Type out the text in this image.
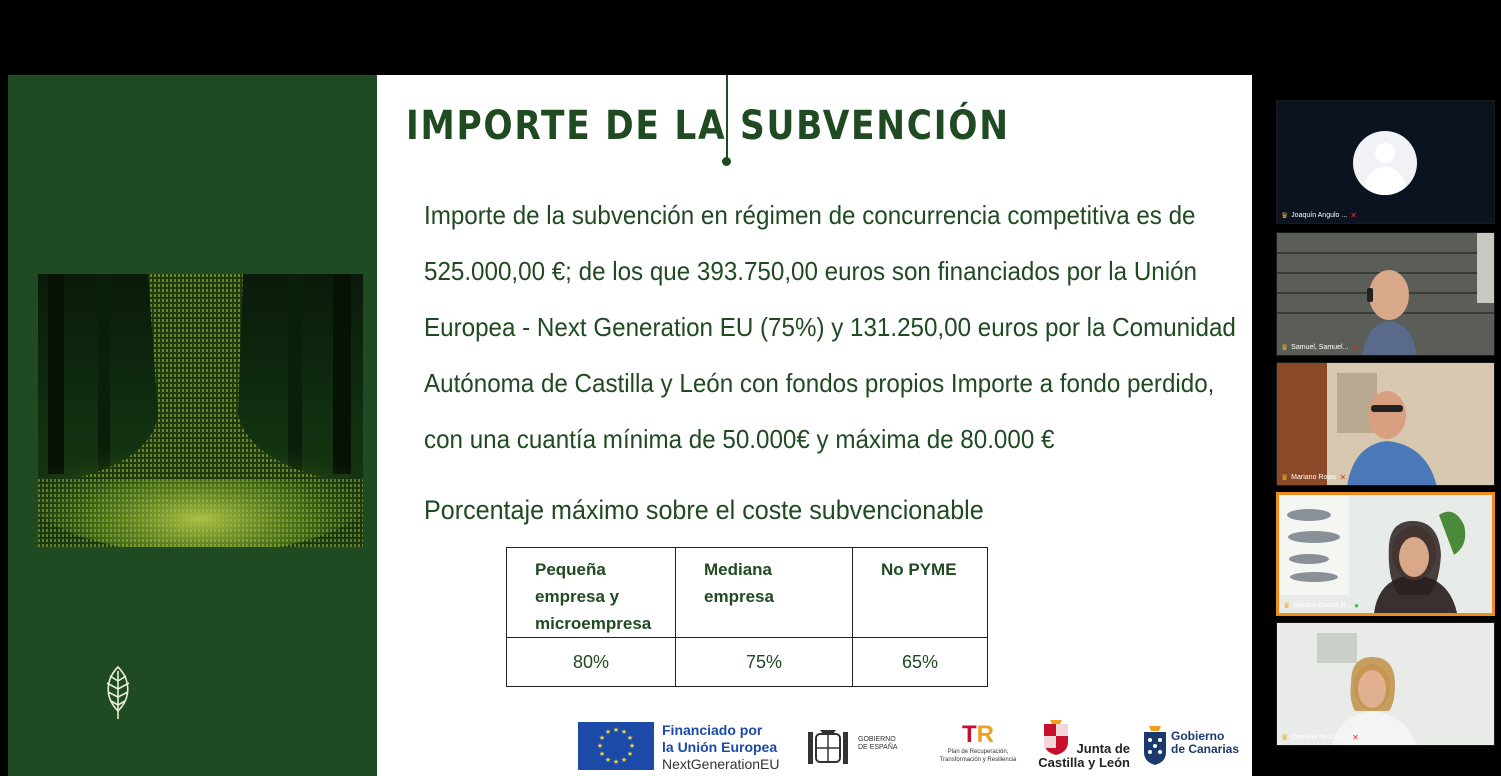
IMPORTE DE LA SUBVENCIÓN

Importe de la subvención en régimen de concurrencia competitiva es de

525.000,00 €; de los que 393.750,00 euros son financiados por la Unión

Europea - Next Generation EU (75%) y 131.250,00 euros por la Comunidad

Autónoma de Castilla y León con fondos propios Importe a fondo perdido,

con una cuantía mínima de 50.000€ y máxima de 80.000 €

Porcentaje máximo sobre el coste subvencionable
Pequeña empresa y microempresa	Mediana empresa	No PYME
80%	75%	65%
★ ★
★
★
★
★
★
★
★
★
★
★	Financiado por
la Unión Europea
NextGenerationEU
GOBIERNO DE ESPAÑA	TR
Plan de Recuperación,
Transformación y Resiliencia
Junta de
Castilla y León
Gobierno
de Canarias
♛ Joaquín Angulo ... ✕
♛ Samuel, Samuel... ✕
♛ Mariano Rojas ✕
♛ Mónica García B... ●
♛ Carolina de Cast... ✕
